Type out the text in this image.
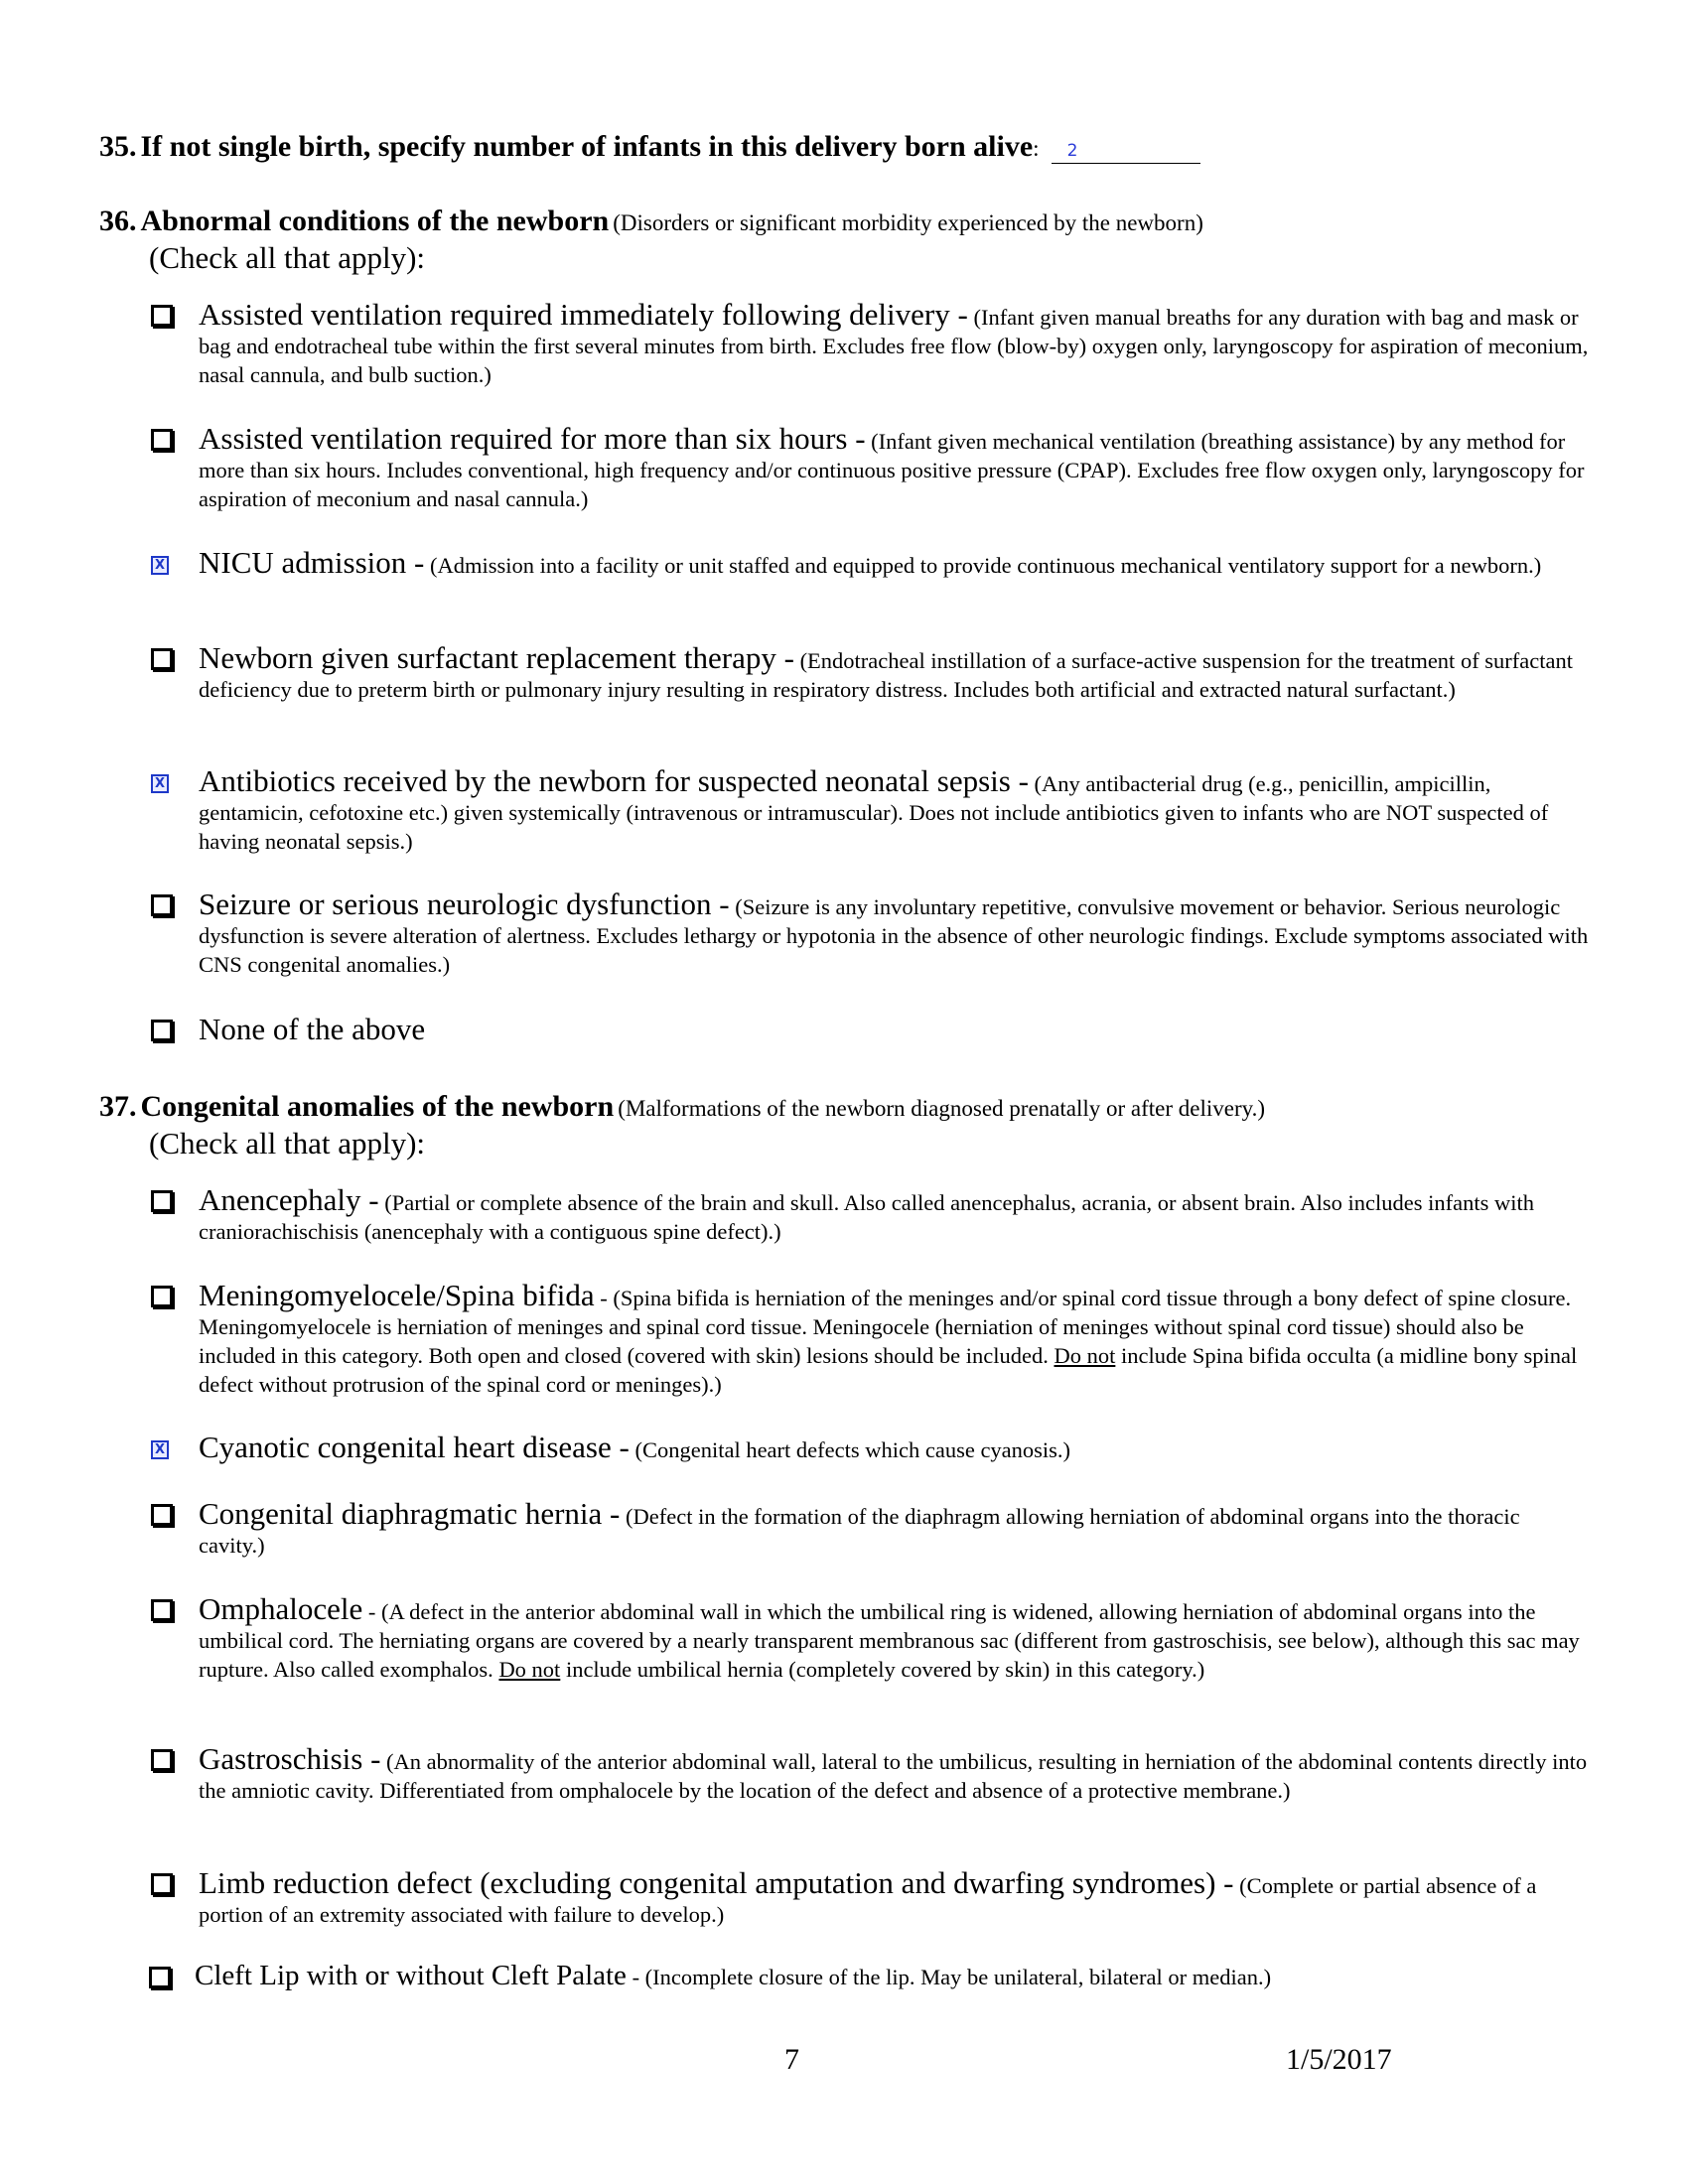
35. If not single birth, specify number of infants in this delivery born alive: 2
36. Abnormal conditions of the newborn (Disorders or significant morbidity experienced by the newborn)
(Check all that apply):
Assisted ventilation required immediately following delivery - (Infant given manual breaths for any duration with bag and mask or bag and endotracheal tube within the first several minutes from birth. Excludes free flow (blow-by) oxygen only, laryngoscopy for aspiration of meconium, nasal cannula, and bulb suction.)
Assisted ventilation required for more than six hours - (Infant given mechanical ventilation (breathing assistance) by any method for more than six hours. Includes conventional, high frequency and/or continuous positive pressure (CPAP). Excludes free flow oxygen only, laryngoscopy for aspiration of meconium and nasal cannula.)
X NICU admission - (Admission into a facility or unit staffed and equipped to provide continuous mechanical ventilatory support for a newborn.)
Newborn given surfactant replacement therapy - (Endotracheal instillation of a surface-active suspension for the treatment of surfactant deficiency due to preterm birth or pulmonary injury resulting in respiratory distress. Includes both artificial and extracted natural surfactant.)
X Antibiotics received by the newborn for suspected neonatal sepsis - (Any antibacterial drug (e.g., penicillin, ampicillin, gentamicin, cefotoxine etc.) given systemically (intravenous or intramuscular). Does not include antibiotics given to infants who are NOT suspected of having neonatal sepsis.)
Seizure or serious neurologic dysfunction - (Seizure is any involuntary repetitive, convulsive movement or behavior. Serious neurologic dysfunction is severe alteration of alertness. Excludes lethargy or hypotonia in the absence of other neurologic findings. Exclude symptoms associated with CNS congenital anomalies.)
None of the above
37. Congenital anomalies of the newborn (Malformations of the newborn diagnosed prenatally or after delivery.)
(Check all that apply):
Anencephaly - (Partial or complete absence of the brain and skull. Also called anencephalus, acrania, or absent brain. Also includes infants with craniorachischisis (anencephaly with a contiguous spine defect).)
Meningomyelocele/Spina bifida - (Spina bifida is herniation of the meninges and/or spinal cord tissue through a bony defect of spine closure. Meningomyelocele is herniation of meninges and spinal cord tissue. Meningocele (herniation of meninges without spinal cord tissue) should also be included in this category. Both open and closed (covered with skin) lesions should be included. Do not include Spina bifida occulta (a midline bony spinal defect without protrusion of the spinal cord or meninges).)
X Cyanotic congenital heart disease - (Congenital heart defects which cause cyanosis.)
Congenital diaphragmatic hernia - (Defect in the formation of the diaphragm allowing herniation of abdominal organs into the thoracic cavity.)
Omphalocele - (A defect in the anterior abdominal wall in which the umbilical ring is widened, allowing herniation of abdominal organs into the umbilical cord. The herniating organs are covered by a nearly transparent membranous sac (different from gastroschisis, see below), although this sac may rupture. Also called exomphalos. Do not include umbilical hernia (completely covered by skin) in this category.)
Gastroschisis - (An abnormality of the anterior abdominal wall, lateral to the umbilicus, resulting in herniation of the abdominal contents directly into the amniotic cavity. Differentiated from omphalocele by the location of the defect and absence of a protective membrane.)
Limb reduction defect (excluding congenital amputation and dwarfing syndromes) - (Complete or partial absence of a portion of an extremity associated with failure to develop.)
Cleft Lip with or without Cleft Palate - (Incomplete closure of the lip. May be unilateral, bilateral or median.)
7	1/5/2017
